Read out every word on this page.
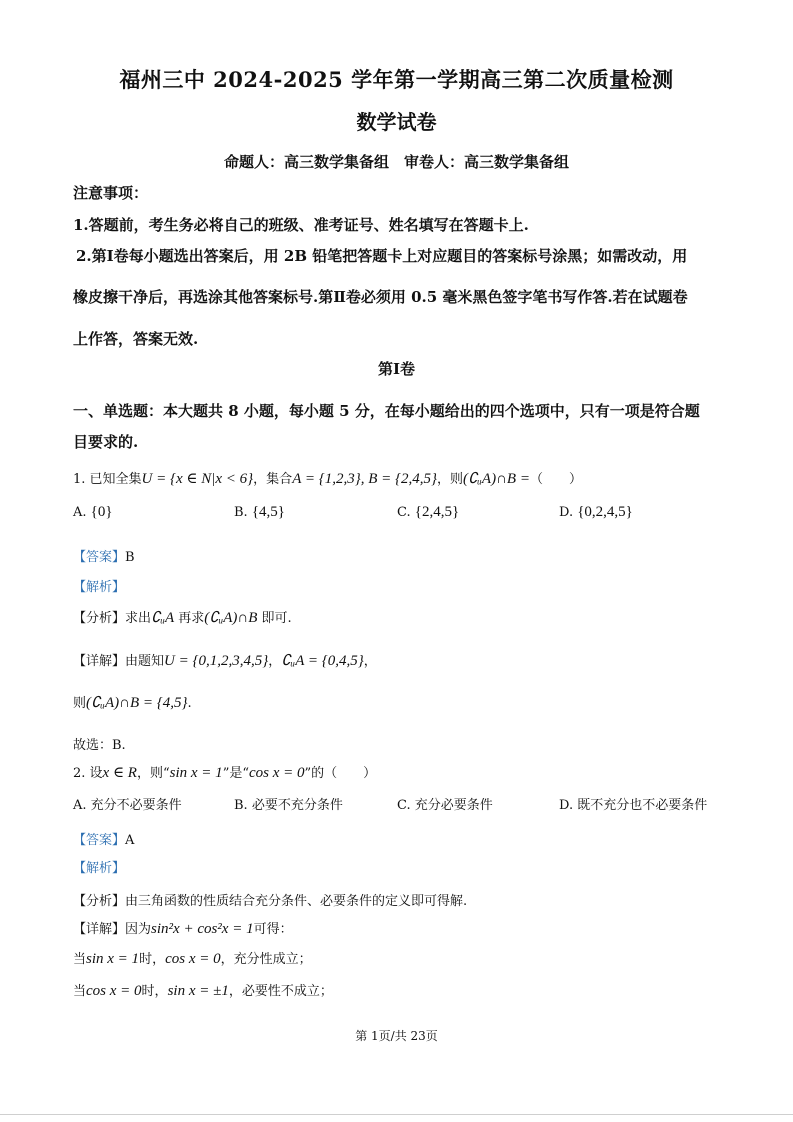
福州三中 2024-2025 学年第一学期高三第二次质量检测
数学试卷
命题人：高三数学集备组　审卷人：高三数学集备组
注意事项：
1.答题前，考生务必将自己的班级、准考证号、姓名填写在答题卡上.
2.第Ⅰ卷每小题选出答案后，用 2B 铅笔把答题卡上对应题目的答案标号涂黑；如需改动，用
橡皮擦干净后，再选涂其他答案标号.第Ⅱ卷必须用 0.5 毫米黑色签字笔书写作答.若在试题卷
上作答，答案无效.
第Ⅰ卷
一、单选题：本大题共 8 小题，每小题 5 分，在每小题给出的四个选项中，只有一项是符合题
目要求的.
1. 已知全集U = {x ∈ N|x < 6}，集合A = {1,2,3}, B = {2,4,5}，则(∁ᵤA)∩B =（　　）
A. {0}	B. {4,5}	C. {2,4,5}	D. {0,2,4,5}
【答案】B
【解析】
【分析】求出∁ᵤA 再求(∁ᵤA)∩B 即可.
【详解】由题知U = {0,1,2,3,4,5}，∁ᵤA = {0,4,5}，
则(∁ᵤA)∩B = {4,5}.
故选：B.
2. 设x ∈ R，则“sin x = 1”是“cos x = 0”的（　　）
A. 充分不必要条件	B. 必要不充分条件	C. 充分必要条件	D. 既不充分也不必要条件
【答案】A
【解析】
【分析】由三角函数的性质结合充分条件、必要条件的定义即可得解.
【详解】因为sin²x + cos²x = 1可得：
当sin x = 1时，cos x = 0，充分性成立；
当cos x = 0时，sin x = ±1，必要性不成立；
第 1页/共 23页
